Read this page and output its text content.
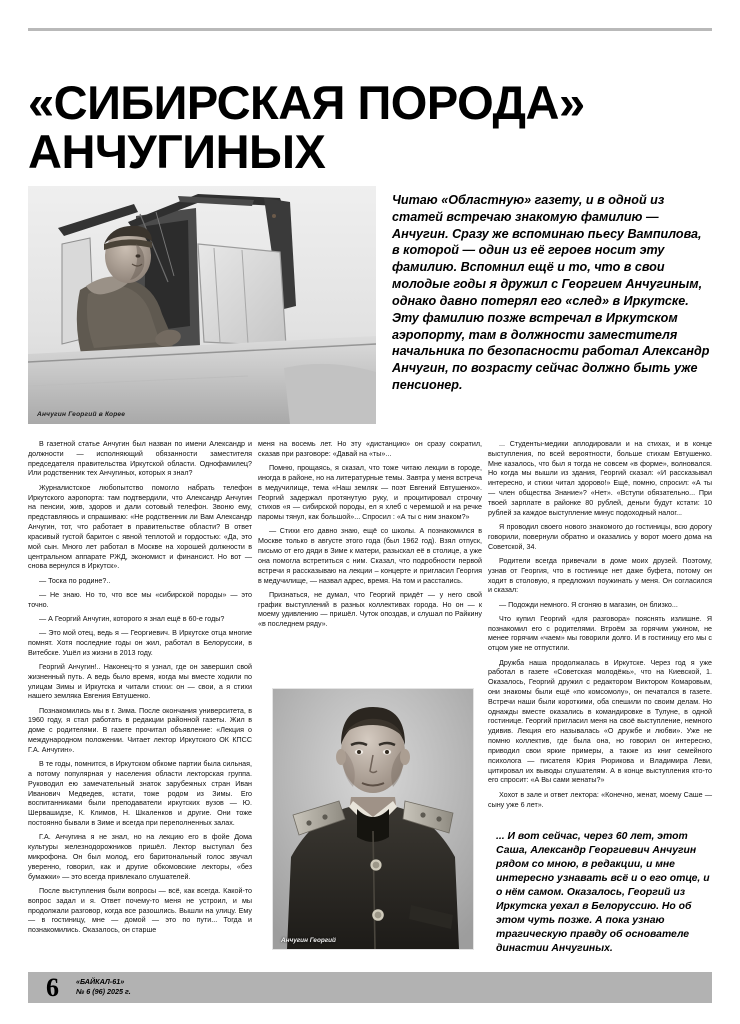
«СИБИРСКАЯ ПОРОДА»
АНЧУГИНЫХ
Анчугин Георгий в Корее
Читаю «Областную» газету, и в одной из статей встречаю знакомую фамилию — Анчугин. Сразу же вспоминаю пьесу Вампилова, в которой — один из её героев носит эту фамилию. Вспомнил ещё и то, что в свои молодые годы я дружил с Георгием Анчугиным, однако давно потерял его «след» в Иркутске. Эту фамилию позже встречал в Иркутском аэропорту, там в должности заместителя начальника по безопасности работал Александр Анчугин, по возрасту сейчас должно быть уже пенсионер.

В газетной статье Анчугин был назван по имени Александр и должности — исполняющий обязанности заместителя председателя правительства Иркутской области. Однофамилец? Или родственник тех Анчугиных, которых я знал?

Журналистское любопытство помогло набрать телефон Иркутского аэропорта: там подтвердили, что Александр Анчугин на пенсии, жив, здоров и дали сотовый телефон. Звоню ему, представляюсь и спрашиваю: «Не родственник ли Вам Александр Анчугин, тот, что работает в правительстве области? В ответ красивый густой баритон с явной теплотой и гордостью: «Да, это мой сын. Много лет работал в Москве на хорошей должности в центральном аппарате РЖД, экономист и финансист. Но вот — снова вернулся в Иркутск».

— Тоска по родине?..

— Не знаю. Но то, что все мы «сибирской породы» — это точно.

— А Георгий Анчугин, которого я знал ещё в 60-е годы?

— Это мой отец, ведь я — Георгиевич. В Иркутске отца многие помнят. Хотя последние годы он жил, работал в Белоруссии, в Витебске. Ушёл из жизни в 2013 году.

Георгий Анчугин!.. Наконец-то я узнал, где он завершил свой жизненный путь. А ведь было время, когда мы вместе ходили по улицам Зимы и Иркутска и читали стихи: он — свои, а я стихи нашего земляка Евгения Евтушенко.

Познакомились мы в г. Зима. После окончания университета, в 1960 году, я стал работать в редакции районной газеты. Жил в доме с родителями. В газете прочитал объявление: «Лекция о международном положении. Читает лектор Иркутского ОК КПСС Г.А. Анчугин».

В те годы, помнится, в Иркутском обкоме партии была сильная, а потому популярная у населения области лекторская группа. Руководил ею замечательный знаток зарубежных стран Иван Иванович Медведев, кстати, тоже родом из Зимы. Его воспитанниками были преподаватели иркутских вузов — Ю. Шервашидзе, К. Климов, Н. Шкаленков и другие. Они тоже постоянно бывали в Зиме и всегда при переполненных залах.

Г.А. Анчугина я не знал, но на лекцию его в фойе Дома культуры железнодорожников пришёл. Лектор выступал без микрофона. Он был молод, его баритональный голос звучал уверенно, говорил, как и другие обкомовские лекторы, «без бумажки» — это всегда привлекало слушателей.

После выступления были вопросы — всё, как всегда. Какой-то вопрос задал и я. Ответ почему-то меня не устроил, и мы продолжали разговор, когда все разошлись. Вышли на улицу. Ему — в гостиницу, мне — домой — это по пути... Тогда и познакомились. Оказалось, он старше

меня на восемь лет. Но эту «дистанцию» он сразу сократил, сказав при разговоре: «Давай на «ты»...

Помню, прощаясь, я сказал, что тоже читаю лекции в городе, иногда в районе, но на литературные темы. Завтра у меня встреча в медучилище, тема «Наш земляк — поэт Евгений Евтушенко». Георгий задержал протянутую руку, и процитировал строчку стихов «я — сибирской породы, ел я хлеб с черемшой и на речке паромы тянул, как большой»... Спросил : «А ты с ним знаком?»

— Стихи его давно знаю, ещё со школы. А познакомился в Москве только в августе этого года (был 1962 год). Взял отпуск, письмо от его дяди в Зиме к матери, разыскал её в столице, а уже она помогла встретиться с ним. Сказал, что подробности первой встречи я рассказываю на лекции – концерте и пригласил Георгия в медучилище, — назвал адрес, время. На том и расстались.

Признаться, не думал, что Георгий придёт — у него свой график выступлений в разных коллективах города. Но он — к моему удивлению — пришёл. Чуток опоздав, и слушал по Райкину «в последнем ряду».

Анчугин Георгий

... Студенты-медики аплодировали и на стихах, и в конце выступления, по всей вероятности, больше стихам Евтушенко. Мне казалось, что был я тогда не совсем «в форме», волновался. Но когда мы вышли из здания, Георгий сказал: «И рассказывал интересно, и стихи читал здорово!» Ещё, помню, спросил: «А ты — член общества Знание»? «Нет». «Вступи обязательно... При твоей зарплате в районке 80 рублей, деньги будут кстати: 10 рублей за каждое выступление минус подоходный налог...

Я проводил своего нового знакомого до гостиницы, всю дорогу говорили, повернули обратно и оказались у ворот моего дома на Советской, 34.

Родители всегда привечали в доме моих друзей. Поэтому, узнав от Георгия, что в гостинице нет даже буфета, потому он ходит в столовую, я предложил поужинать у меня. Он согласился и сказал:

— Подожди немного. Я сгоняю в магазин, он близко...

Что купил Георгий «для разговора» пояснять излишне. Я познакомил его с родителями. Втроём за горячим ужином, не менее горячим «чаем» мы говорили долго. И в гостиницу его мы с отцом уже не отпустили.

Дружба наша продолжалась в Иркутске. Через год я уже работал в газете «Советская молодёжь», что на Киевской, 1. Оказалось, Георгий дружил с редактором Виктором Комаровым, они знакомы были ещё «по комсомолу», он печатался в газете. Встречи наши были короткими, оба спешили по своим делам. Но однажды вместе оказались в командировке в Тулуне, в одной гостинице. Георгий пригласил меня на своё выступление, немного удивив. Лекция его называлась «О дружбе и любви». Уже не помню коллектив, где была она, но говорил он интересно, приводил свои яркие примеры, а также из книг семейного психолога — писателя Юрия Рюрикова и Владимира Леви, цитировал их выводы слушателям. А в конце выступления кто-то его спросит: «А Вы сами женаты?»

Хохот в зале и ответ лектора: «Конечно, женат, моему Саше — сыну уже 6 лет».

... И вот сейчас, через 60 лет, этот Саша, Александр Георгиевич Анчугин рядом со мною, в редакции, и мне интересно узнавать всё и о его отце, и о нём самом. Оказалось, Георгий из Иркутска уехал в Белоруссию. Но об этом чуть позже. А пока узнаю трагическую правду об основателе династии Анчугиных.
6 «БАЙКАЛ-61»
№ 6 (96) 2025 г.
